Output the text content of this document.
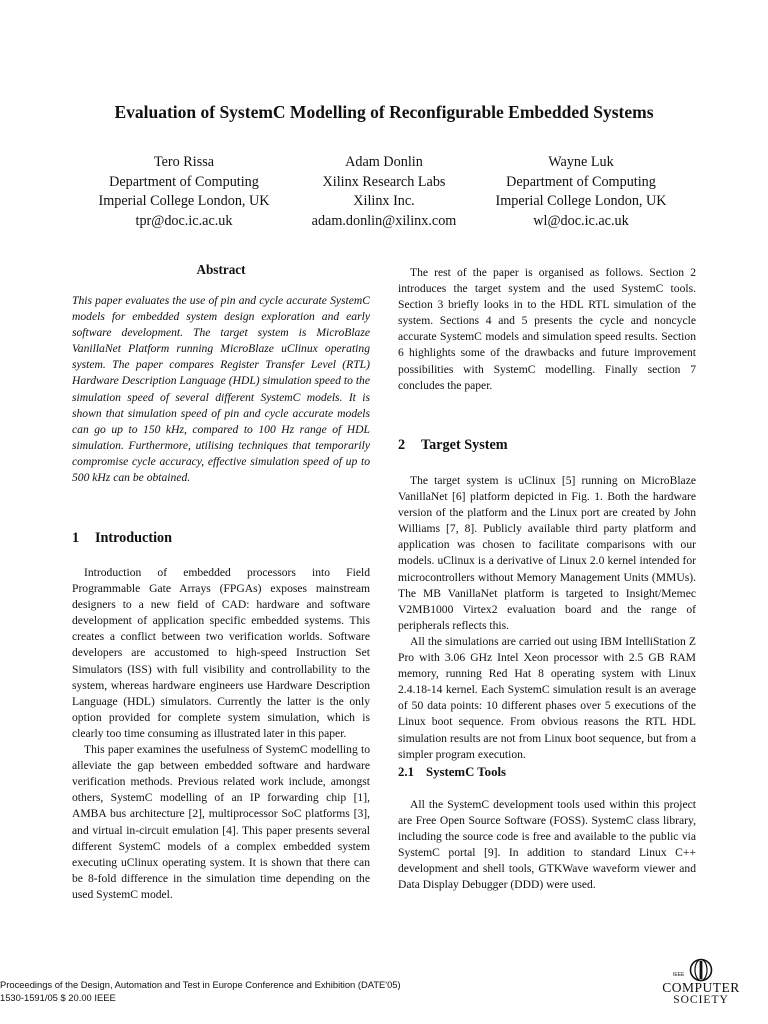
Evaluation of SystemC Modelling of Reconfigurable Embedded Systems
Tero Rissa
Department of Computing
Imperial College London, UK
tpr@doc.ic.ac.uk
Adam Donlin
Xilinx Research Labs
Xilinx Inc.
adam.donlin@xilinx.com
Wayne Luk
Department of Computing
Imperial College London, UK
wl@doc.ic.ac.uk
Abstract

This paper evaluates the use of pin and cycle accurate SystemC models for embedded system design exploration and early software development. The target system is MicroBlaze VanillaNet Platform running MicroBlaze uClinux operating system. The paper compares Register Transfer Level (RTL) Hardware Description Language (HDL) simulation speed to the simulation speed of several different SystemC models. It is shown that simulation speed of pin and cycle accurate models can go up to 150 kHz, compared to 100 Hz range of HDL simulation. Furthermore, utilising techniques that temporarily compromise cycle accuracy, effective simulation speed of up to 500 kHz can be obtained.

1 Introduction

Introduction of embedded processors into Field Programmable Gate Arrays (FPGAs) exposes mainstream designers to a new field of CAD: hardware and software development of application specific embedded systems. This creates a conflict between two verification worlds. Software developers are accustomed to high-speed Instruction Set Simulators (ISS) with full visibility and controllability to the system, whereas hardware engineers use Hardware Description Language (HDL) simulators. Currently the latter is the only option provided for complete system simulation, which is clearly too time consuming as illustrated later in this paper.

This paper examines the usefulness of SystemC modelling to alleviate the gap between embedded software and hardware verification methods. Previous related work include, amongst others, SystemC modelling of an IP forwarding chip [1], AMBA bus architecture [2], multiprocessor SoC platforms [3], and virtual in-circuit emulation [4]. This paper presents several different SystemC models of a complex embedded system executing uClinux operating system. It is shown that there can be 8-fold difference in the simulation time depending on the used SystemC model.

The rest of the paper is organised as follows. Section 2 introduces the target system and the used SystemC tools. Section 3 briefly looks in to the HDL RTL simulation of the system. Sections 4 and 5 presents the cycle and noncycle accurate SystemC models and simulation speed results. Section 6 highlights some of the drawbacks and future improvement possibilities with SystemC modelling. Finally section 7 concludes the paper.

2 Target System

The target system is uClinux [5] running on MicroBlaze VanillaNet [6] platform depicted in Fig. 1. Both the hardware version of the platform and the Linux port are created by John Williams [7, 8]. Publicly available third party platform and application was chosen to facilitate comparisons with our models. uClinux is a derivative of Linux 2.0 kernel intended for microcontrollers without Memory Management Units (MMUs). The MB VanillaNet platform is targeted to Insight/Memec V2MB1000 Virtex2 evaluation board and the range of peripherals reflects this.

All the simulations are carried out using IBM IntelliStation Z Pro with 3.06 GHz Intel Xeon processor with 2.5 GB RAM memory, running Red Hat 8 operating system with Linux 2.4.18-14 kernel. Each SystemC simulation result is an average of 50 data points: 10 different phases over 5 executions of the Linux boot sequence. From obvious reasons the RTL HDL simulation results are not from Linux boot sequence, but from a simpler program execution.

2.1 SystemC Tools

All the SystemC development tools used within this project are Free Open Source Software (FOSS). SystemC class library, including the source code is free and available to the public via SystemC portal [9]. In addition to standard Linux C++ development and shell tools, GTKWave waveform viewer and Data Display Debugger (DDD) were used.

Proceedings of the Design, Automation and Test in Europe Conference and Exhibition (DATE'05)
1530-1591/05 $ 20.00 IEEE
IEEE
COMPUTER
SOCIETY
